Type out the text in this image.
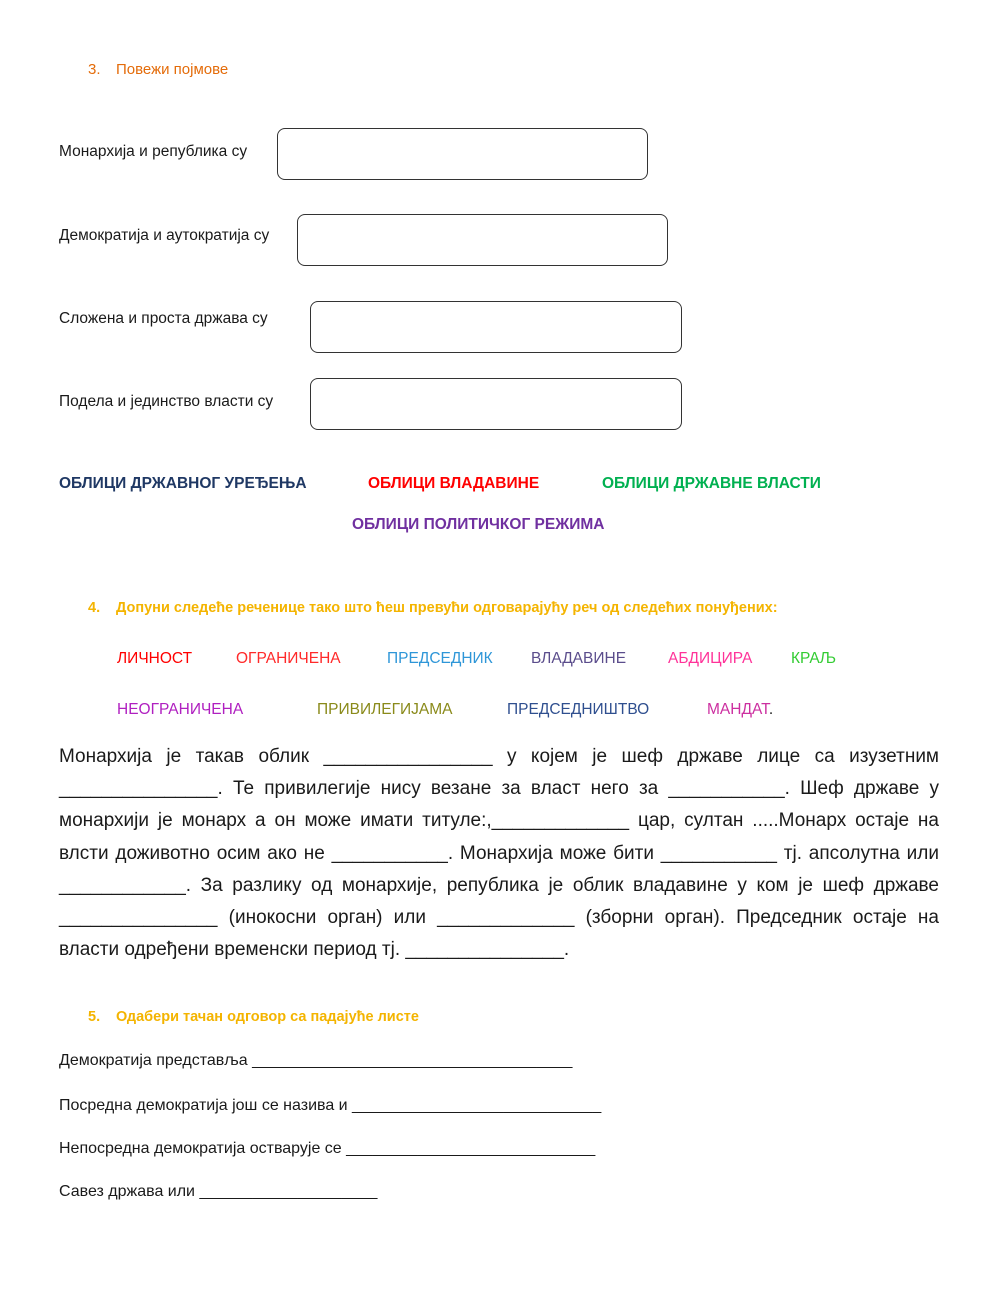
3. Повежи појмове
Монархија и република су
Демократија и аутократија су
Сложена и проста држава су
Подела и јединство власти су
ОБЛИЦИ ДРЖАВНОГ УРЕЂЕЊА	ОБЛИЦИ ВЛАДАВИНЕ	ОБЛИЦИ ДРЖАВНЕ ВЛАСТИ
ОБЛИЦИ ПОЛИТИЧКОГ РЕЖИМА
4. Допуни следеће реченице тако што ћеш превући одговарајућу реч од следећих понуђених:
ЛИЧНОСТ	ОГРАНИЧЕНА	ПРЕДСЕДНИК ВЛАДАВИНЕ	АБДИЦИРА КРАЉ
НЕОГРАНИЧЕНА	ПРИВИЛЕГИЈАМА	ПРЕДСЕДНИШТВО	МАНДАТ.

Монархија је такав облик ________________ у којем је шеф државе лице са изузетним _______________. Те привилегије нису везане за власт него за ___________. Шеф државе у монархији је монарх а он може имати титуле:,_____________ цар, султан .....Монарх остаје на влсти доживотно осим ако не ___________. Монархија може бити ___________ тј. апсолутна или ____________. За разлику од монархије, република је облик владавине у ком је шеф државе _______________ (инокосни орган) или _____________ (зборни орган). Председник остаје на власти одређени временски период тј. _______________.

5. Одабери тачан одговор са падајуће листе
Демократија представља ____________________________________
Посредна демократија још се назива и ____________________________
Непосредна демократија остварује се ____________________________
Савез држава или ____________________
